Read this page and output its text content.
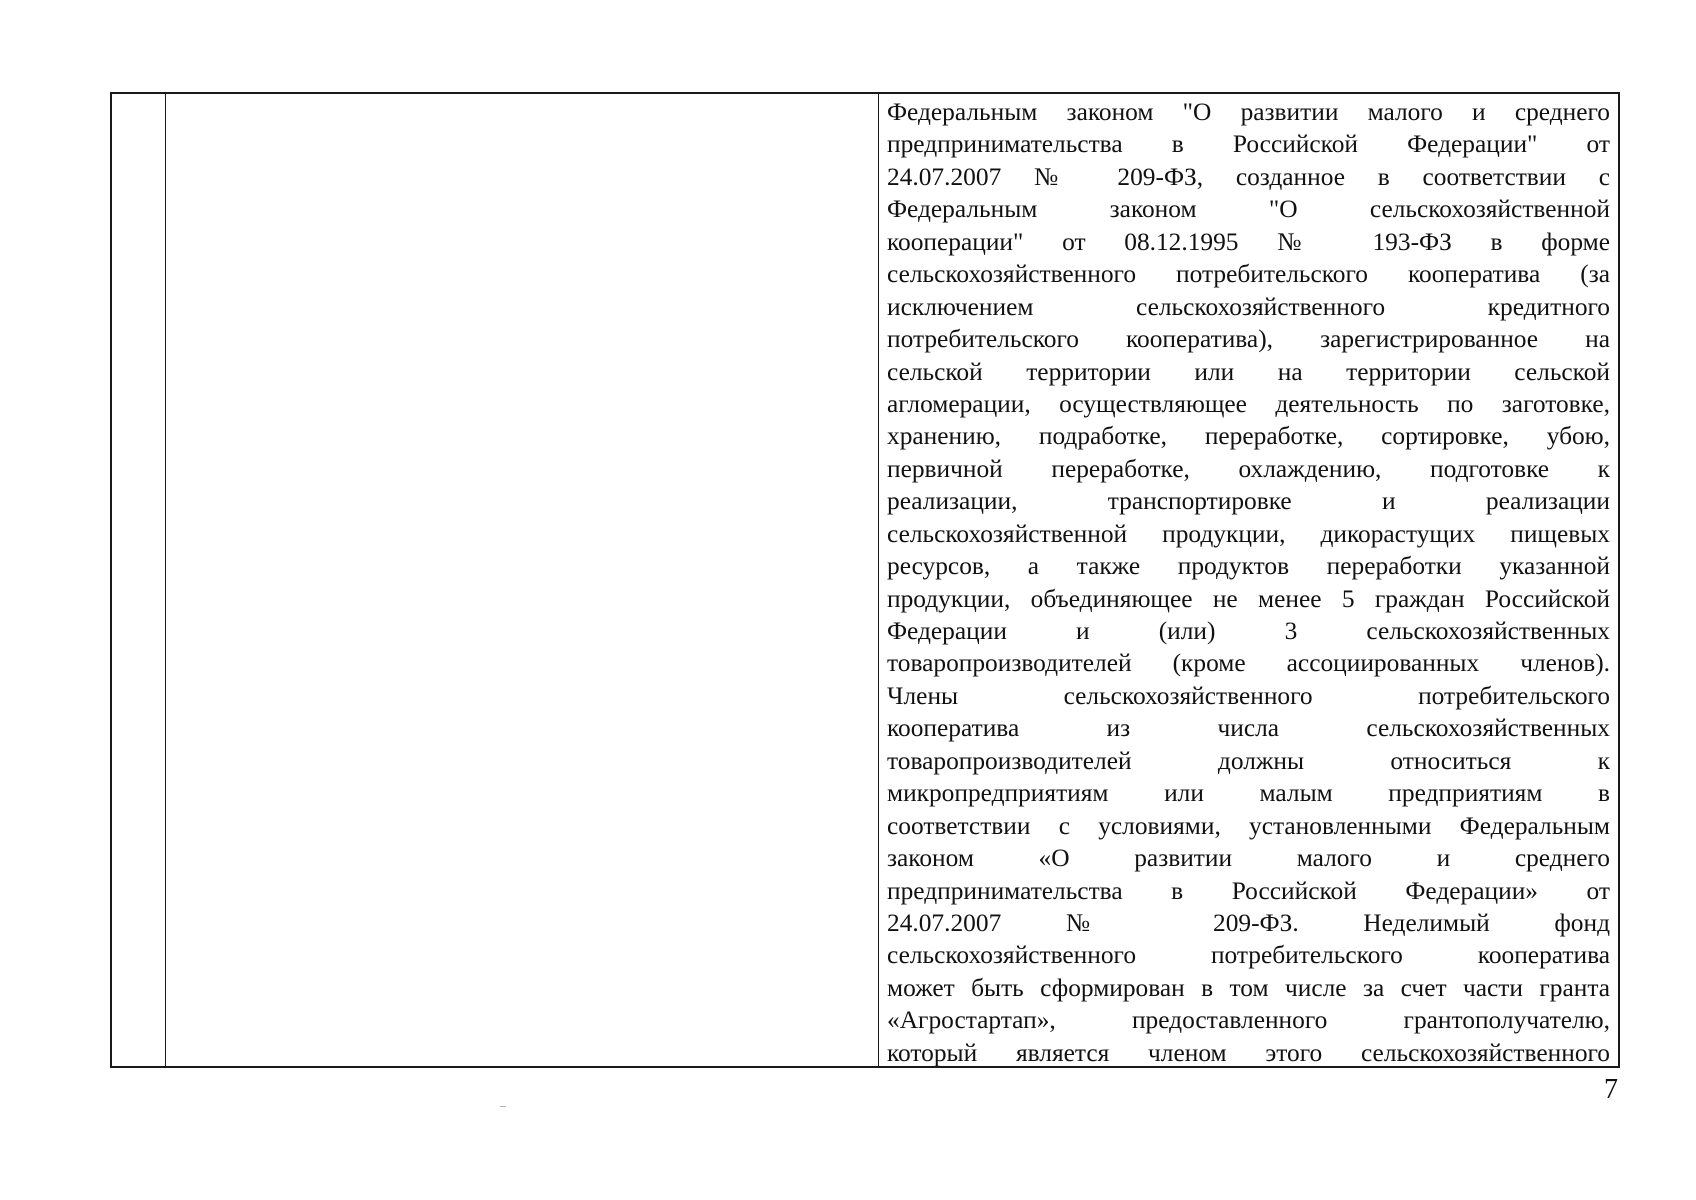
Федеральным законом "О развитии малого и среднего
предпринимательства в Российской Федерации" от
24.07.2007 № 209-ФЗ, созданное в соответствии с
Федеральным законом "О сельскохозяйственной
кооперации" от 08.12.1995 № 193-ФЗ в форме
сельскохозяйственного потребительского кооператива (за
исключением сельскохозяйственного кредитного
потребительского кооператива), зарегистрированное на
сельской территории или на территории сельской
агломерации, осуществляющее деятельность по заготовке,
хранению, подработке, переработке, сортировке, убою,
первичной переработке, охлаждению, подготовке к
реализации, транспортировке и реализации
сельскохозяйственной продукции, дикорастущих пищевых
ресурсов, а также продуктов переработки указанной
продукции, объединяющее не менее 5 граждан Российской
Федерации и (или) 3 сельскохозяйственных
товаропроизводителей (кроме ассоциированных членов).
Члены сельскохозяйственного потребительского
кооператива из числа сельскохозяйственных
товаропроизводителей должны относиться к
микропредприятиям или малым предприятиям в
соответствии с условиями, установленными Федеральным
законом «О развитии малого и среднего
предпринимательства в Российской Федерации» от
24.07.2007 № 209-ФЗ. Неделимый фонд
сельскохозяйственного потребительского кооператива
может быть сформирован в том числе за счет части гранта
«Агростартап», предоставленного грантополучателю,
который является членом этого сельскохозяйственного
7
